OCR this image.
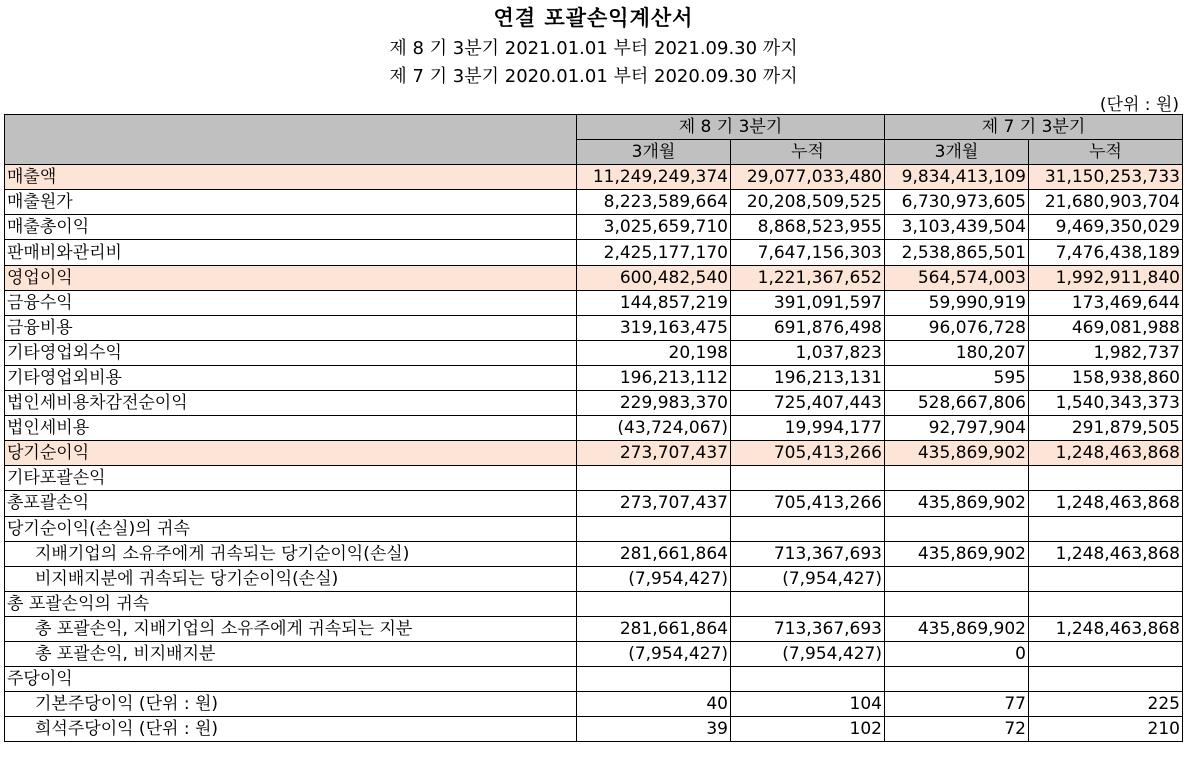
연결 포괄손익계산서
제 8 기 3분기 2021.01.01 부터 2021.09.30 까지
제 7 기 3분기 2020.01.01 부터 2020.09.30 까지
(단위 : 원)
	제 8 기 3분기		제 7 기 3분기	
	3개월	누적	3개월	누적
매출액	11,249,249,374	29,077,033,480	9,834,413,109	31,150,253,733
매출원가	8,223,589,664	20,208,509,525	6,730,973,605	21,680,903,704
매출총이익	3,025,659,710	8,868,523,955	3,103,439,504	9,469,350,029
판매비와관리비	2,425,177,170	7,647,156,303	2,538,865,501	7,476,438,189
영업이익	600,482,540	1,221,367,652	564,574,003	1,992,911,840
금융수익	144,857,219	391,091,597	59,990,919	173,469,644
금융비용	319,163,475	691,876,498	96,076,728	469,081,988
기타영업외수익	20,198	1,037,823	180,207	1,982,737
기타영업외비용	196,213,112	196,213,131	595	158,938,860
법인세비용차감전순이익	229,983,370	725,407,443	528,667,806	1,540,343,373
법인세비용	(43,724,067)	19,994,177	92,797,904	291,879,505
당기순이익	273,707,437	705,413,266	435,869,902	1,248,463,868
기타포괄손익				
총포괄손익	273,707,437	705,413,266	435,869,902	1,248,463,868
당기순이익(손실)의 귀속				
지배기업의 소유주에게 귀속되는 당기순이익(손실)	281,661,864	713,367,693	435,869,902	1,248,463,868
비지배지분에 귀속되는 당기순이익(손실)	(7,954,427)	(7,954,427)		
총 포괄손익의 귀속				
총 포괄손익, 지배기업의 소유주에게 귀속되는 지분	281,661,864	713,367,693	435,869,902	1,248,463,868
총 포괄손익, 비지배지분	(7,954,427)	(7,954,427)	0	
주당이익				
기본주당이익 (단위 : 원)	40	104	77	225
희석주당이익 (단위 : 원)	39	102	72	210
